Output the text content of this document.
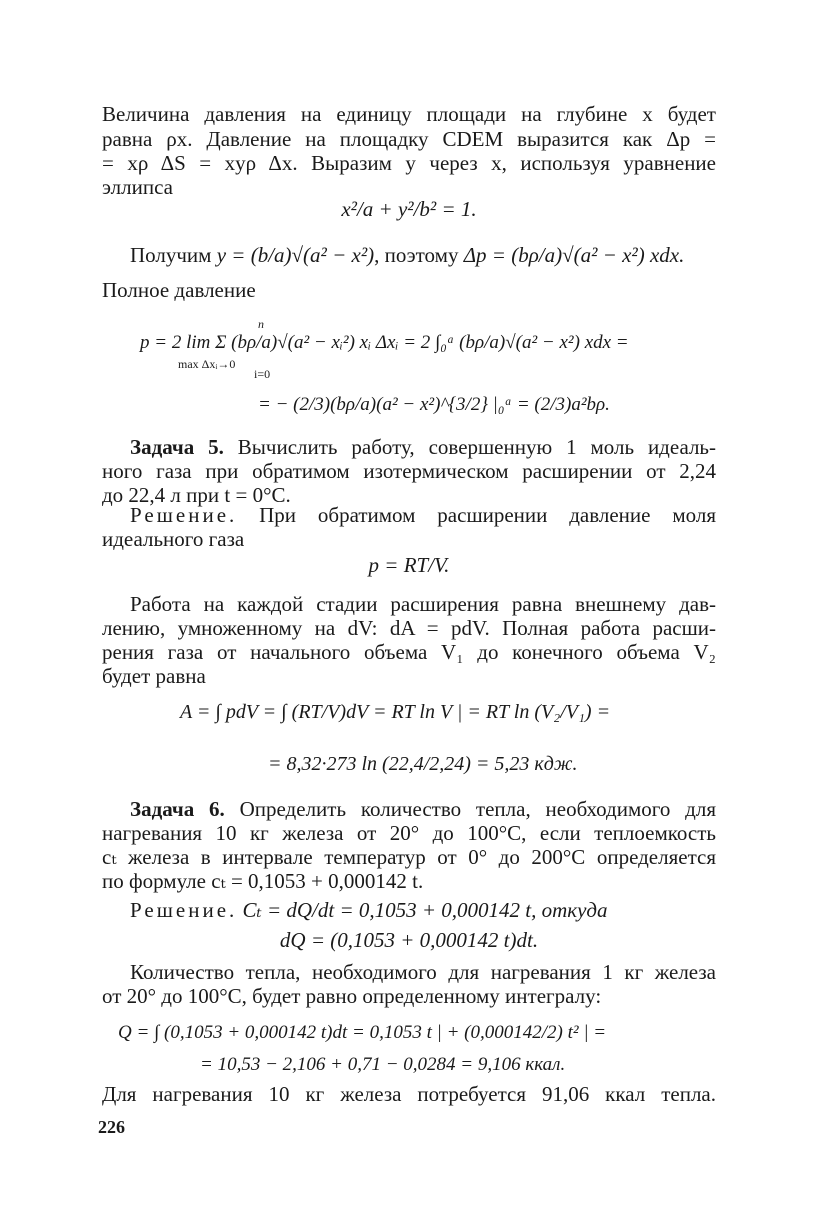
Величина давления на единицу площади на глубине x будет
равна ρx. Давление на площадку CDEM выразится как Δp =
= xρ ΔS = xyρ Δx. Выразим y через x, используя уравнение
эллипса
x²/a + y²/b² = 1.
Получим y = (b/a)√(a² − x²), поэтому Δp = (bρ/a)√(a² − x²) xdx.
Полное давление
n
p = 2 lim Σ (bρ/a)√(a² − xᵢ²) xᵢ Δxᵢ = 2 ∫₀ᵃ (bρ/a)√(a² − x²) xdx =
max Δxᵢ→0
i=0
= − (2/3)(bρ/a)(a² − x²)^{3/2} |₀ᵃ = (2/3)a²bρ.
Задача 5. Вычислить работу, совершенную 1 моль идеаль-
ного газа при обратимом изотермическом расширении от 2,24
до 22,4 л при t = 0°C.
Решение. При обратимом расширении давление моля
идеального газа
p = RT/V.
Работа на каждой стадии расширения равна внешнему дав-
лению, умноженному на dV: dA = pdV. Полная работа расши-
рения газа от начального объема V₁ до конечного объема V₂
будет равна
A = ∫ pdV = ∫ (RT/V)dV = RT ln V | = RT ln (V₂/V₁) =
= 8,32·273 ln (22,4/2,24) = 5,23 кдж.
Задача 6. Определить количество тепла, необходимого для
нагревания 10 кг железа от 20° до 100°C, если теплоемкость
cₜ железа в интервале температур от 0° до 200°C определяется
по формуле cₜ = 0,1053 + 0,000142 t.
Решение. Cₜ = dQ/dt = 0,1053 + 0,000142 t, откуда
dQ = (0,1053 + 0,000142 t)dt.
Количество тепла, необходимого для нагревания 1 кг железа
от 20° до 100°C, будет равно определенному интегралу:
Q = ∫ (0,1053 + 0,000142 t)dt = 0,1053 t | + (0,000142/2) t² | =
= 10,53 − 2,106 + 0,71 − 0,0284 = 9,106 ккал.
Для нагревания 10 кг железа потребуется 91,06 ккал тепла.
226
